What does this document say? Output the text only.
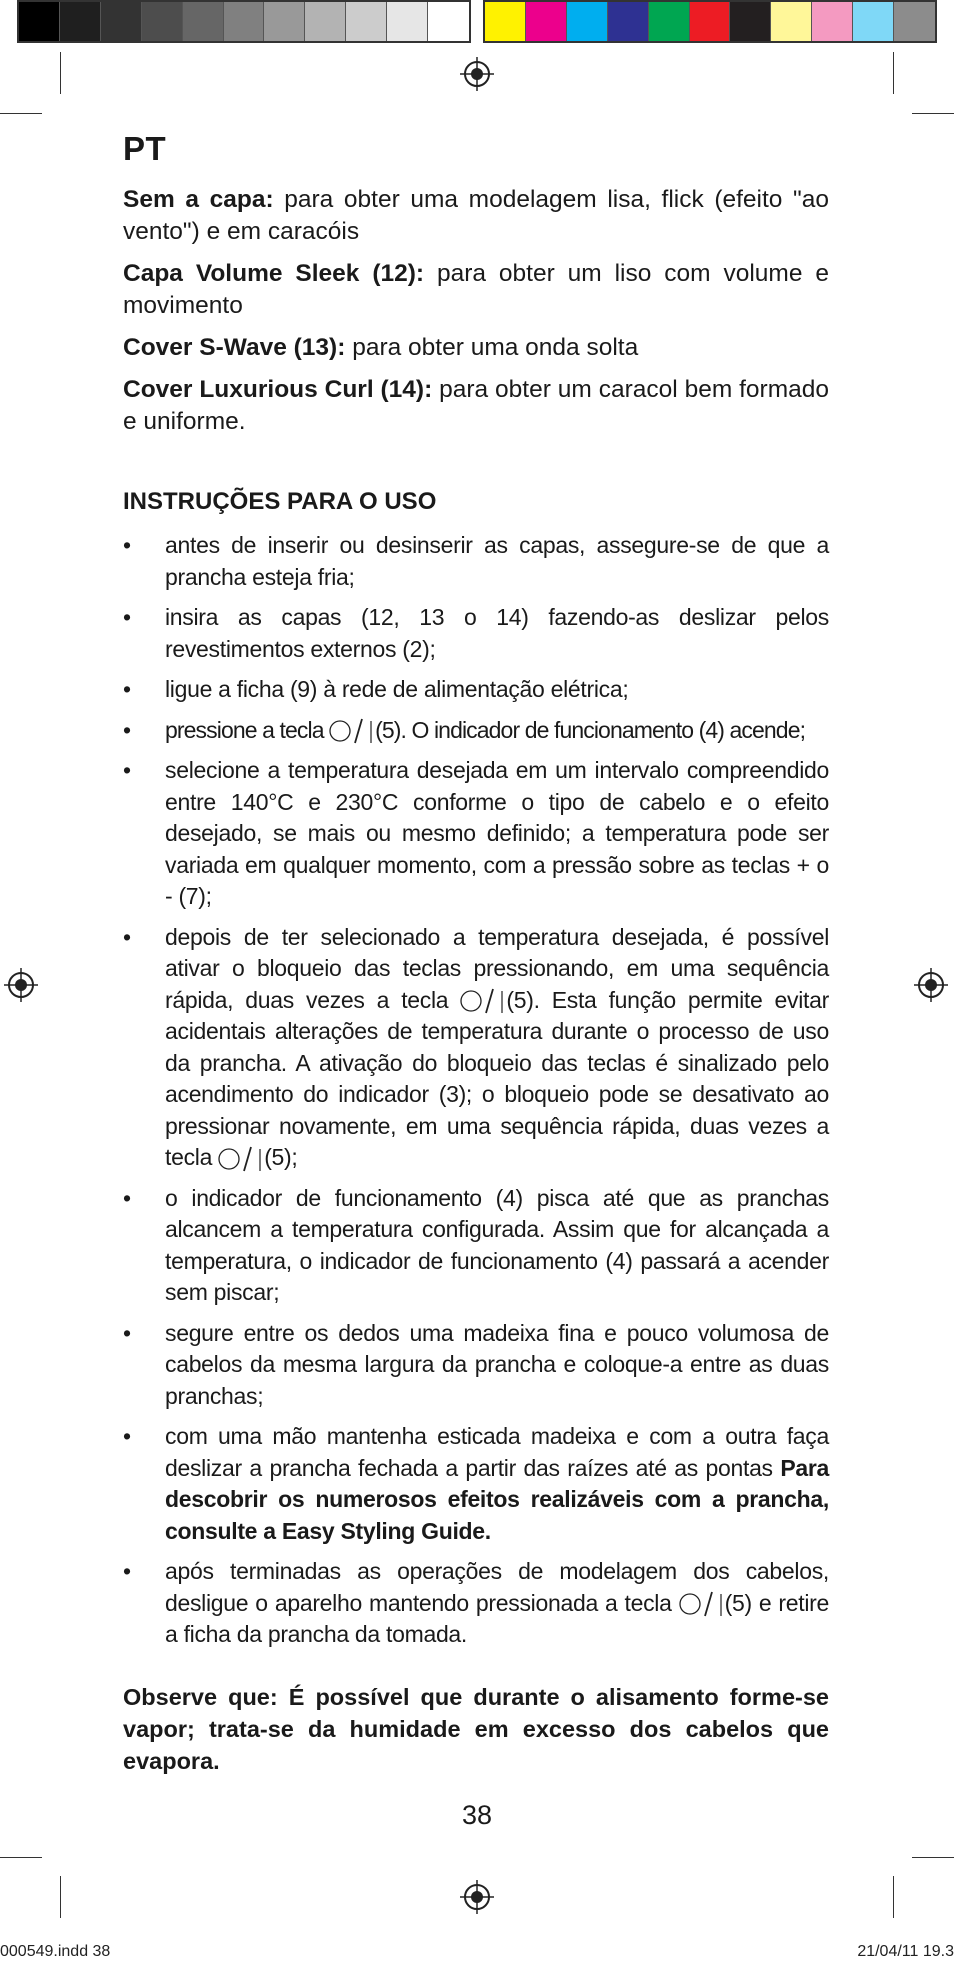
PT

Sem a capa: para obter uma modelagem lisa, flick (efeito "ao vento") e em caracóis

Capa Volume Sleek (12): para obter um liso com volume e movimento

Cover S-Wave (13): para obter uma onda solta

Cover Luxurious Curl (14): para obter um caracol bem formado e uniforme.

INSTRUÇÕES PARA O USO
• antes de inserir ou desinserir as capas, assegure-se de que a prancha esteja fria;
• insira as capas (12, 13 o 14) fazendo-as deslizar pelos revestimentos externos (2);
• ligue a ficha (9) à rede de alimentação elétrica;
• pressione a tecla (5). O indicador de funcionamento (4) acende;
• selecione a temperatura desejada em um intervalo compreendido entre 140°C e 230°C conforme o tipo de cabelo e o efeito desejado, se mais ou mesmo definido; a temperatura pode ser variada em qualquer momento, com a pressão sobre as teclas + o - (7);
• depois de ter selecionado a temperatura desejada, é possível ativar o bloqueio das teclas pressionando, em uma sequência rápida, duas vezes a tecla	(5). Esta função permite evitar acidentais alterações de temperatura durante o processo de uso da prancha. A ativação do bloqueio das teclas é sinalizado pelo acendimento do indicador (3); o bloqueio pode se desativato ao pressionar novamente, em uma sequência rápida, duas vezes a tecla (5);
• o indicador de funcionamento (4) pisca até que as pranchas alcancem a temperatura configurada. Assim que for alcançada a temperatura, o indicador de funcionamento (4) passará a acender sem piscar;
• segure entre os dedos uma madeixa fina e pouco volumosa de cabelos da mesma largura da prancha e coloque-a entre as duas pranchas;
• com uma mão mantenha esticada madeixa e com a outra faça deslizar a prancha fechada a partir das raízes até as pontas Para descobrir os numerosos efeitos realizáveis com a prancha, consulte a Easy Styling Guide.
• após terminadas as operações de modelagem dos cabelos, desligue o aparelho mantendo pressionada a tecla (5) e retire a ficha da prancha da tomada.
Observe que: É possível que durante o alisamento forme-se vapor; trata-se da humidade em excesso dos cabelos que evapora.
38
000549.indd 38	21/04/11 19.3
